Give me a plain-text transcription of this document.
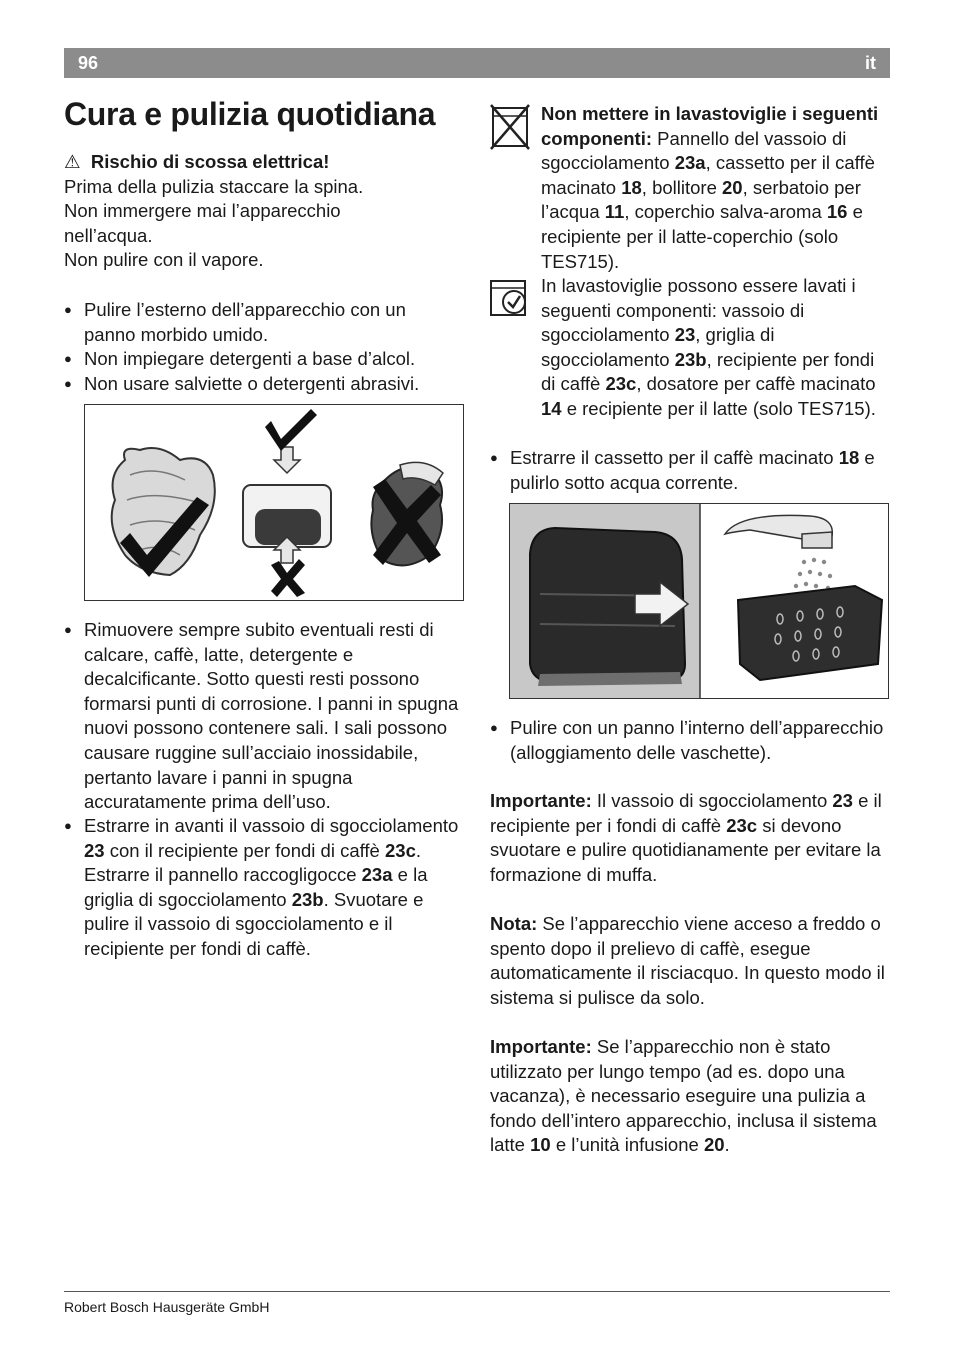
96	it
Cura e pulizia quotidiana

⚠ Rischio di scossa elettrica!

Prima della pulizia staccare la spina.

Non immergere mai l’apparecchio

nell’acqua.

Non pulire con il vapore.

● Pulire l’esterno dell’apparecchio con un panno morbido umido.

● Non impiegare detergenti a base d’alcol.

● Non usare salviette o detergenti abrasivi.

● Rimuovere sempre subito eventuali resti di calcare, caffè, latte, detergente e decalcificante. Sotto questi resti possono formarsi punti di corrosione. I panni in spugna nuovi possono contenere sali. I sali possono causare ruggine sull’acciaio inossidabile, pertanto lavare i panni in spugna accuratamente prima dell’uso.

● Estrarre in avanti il vassoio di sgocciolamento 23 con il recipiente per fondi di caffè 23c. Estrarre il pannello raccogligocce 23a e la griglia di sgocciolamento 23b. Svuotare e pulire il vassoio di sgocciolamento e il recipiente per fondi di caffè.

Non mettere in lavastoviglie i seguenti componenti: Pannello del vassoio di sgocciolamento 23a, cassetto per il caffè macinato 18, bollitore 20, serbatoio per l’acqua 11, coperchio salva-aroma 16 e recipiente per il latte-coperchio (solo TES715).

In lavastoviglie possono essere lavati i seguenti componenti: vassoio di sgocciolamento 23, griglia di sgocciolamento 23b, recipiente per fondi di caffè 23c, dosatore per caffè macinato 14 e recipiente per il latte (solo TES715).

● Estrarre il cassetto per il caffè macinato 18 e pulirlo sotto acqua corrente.

● Pulire con un panno l’interno dell’apparecchio (alloggiamento delle vaschette).

Importante: Il vassoio di sgocciolamento 23 e il recipiente per i fondi di caffè 23c si devono svuotare e pulire quotidianamente per evitare la formazione di muffa.

Nota: Se l’apparecchio viene acceso a freddo o spento dopo il prelievo di caffè, esegue automaticamente il risciacquo. In questo modo il sistema si pulisce da solo.

Importante: Se l’apparecchio non è stato utilizzato per lungo tempo (ad es. dopo una vacanza), è necessario eseguire una pulizia a fondo dell’intero apparecchio, inclusa il sistema latte 10 e l’unità infusione 20.

Robert Bosch Hausgeräte GmbH
